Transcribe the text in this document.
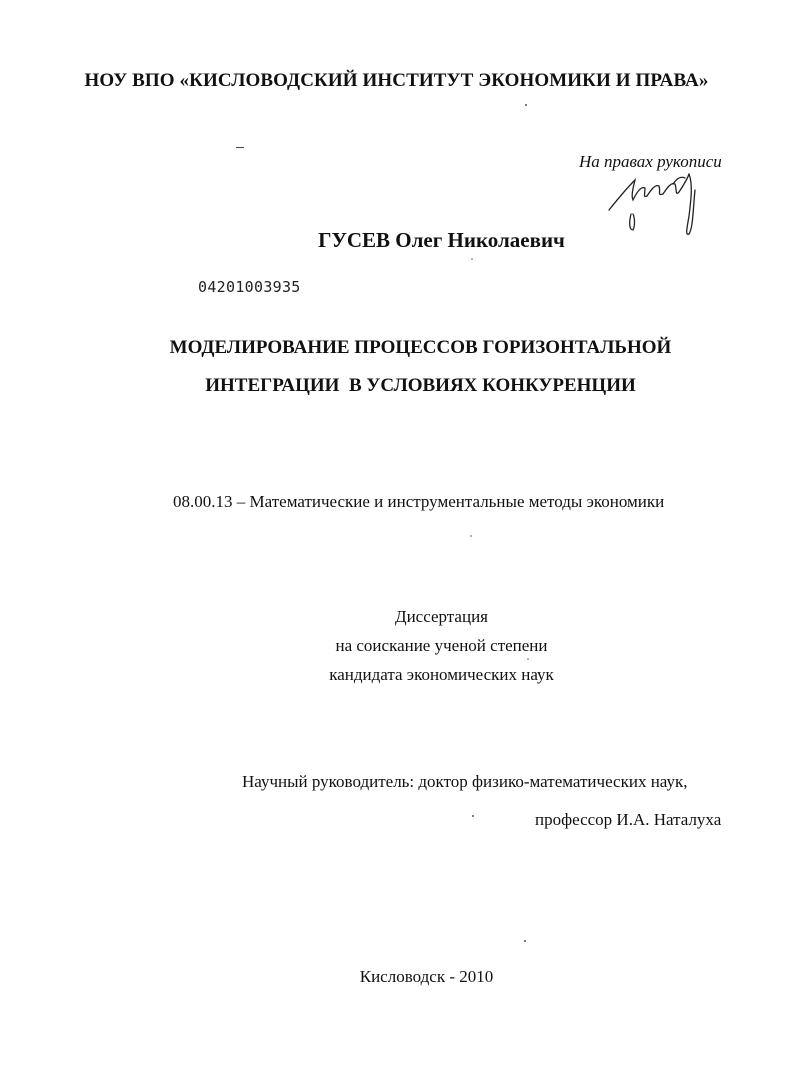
НОУ ВПО «КИСЛОВОДСКИЙ ИНСТИТУТ ЭКОНОМИКИ И ПРАВА»
На правах рукописи
ГУСЕВ Олег Николаевич
04201003935
МОДЕЛИРОВАНИЕ ПРОЦЕССОВ ГОРИЗОНТАЛЬНОЙ
ИНТЕГРАЦИИ  В УСЛОВИЯХ КОНКУРЕНЦИИ
08.00.13 – Математические и инструментальные методы экономики
Диссертация
на соискание ученой степени
кандидата экономических наук
Научный руководитель: доктор физико-математических наук,
профессор И.А. Наталуха
Кисловодск - 2010
